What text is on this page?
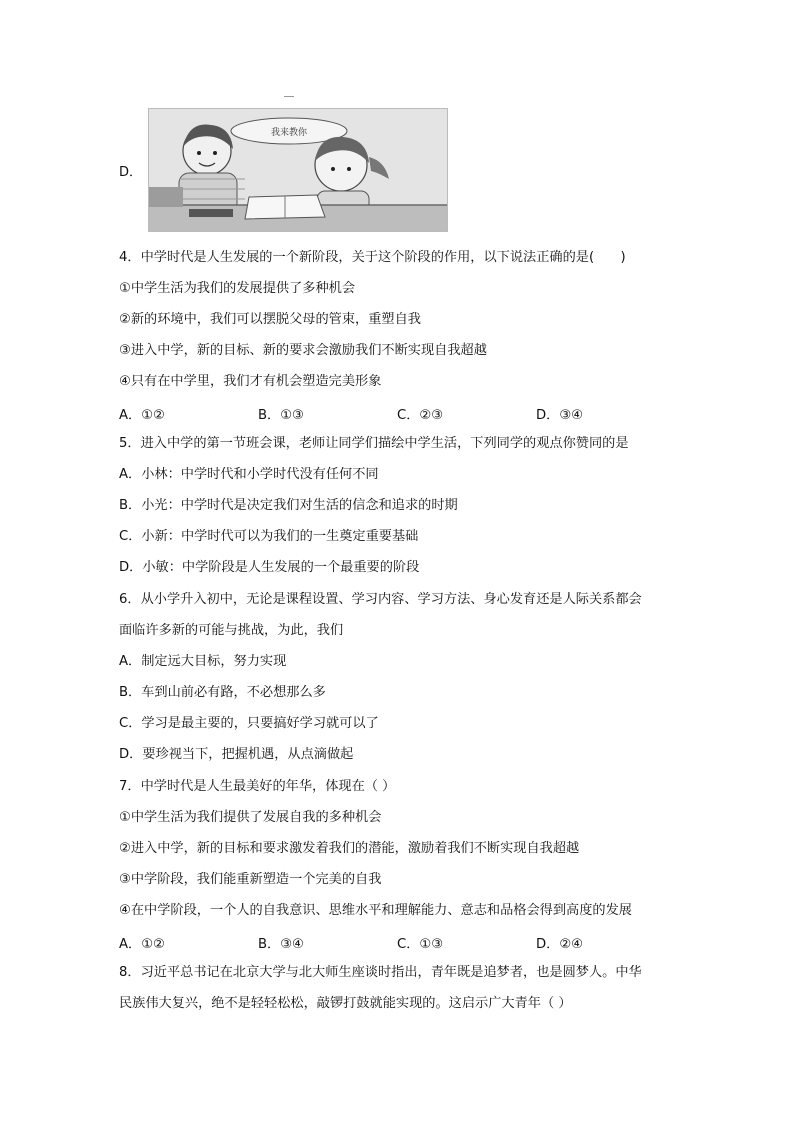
D．
我来教你
4．中学时代是人生发展的一个新阶段，关于这个阶段的作用，以下说法正确的是(　　)
①中学生活为我们的发展提供了多种机会
②新的环境中，我们可以摆脱父母的管束，重塑自我
③进入中学，新的目标、新的要求会激励我们不断实现自我超越
④只有在中学里，我们才有机会塑造完美形象
A．①②	B．①③	C．②③	D．③④
5．进入中学的第一节班会课，老师让同学们描绘中学生活，下列同学的观点你赞同的是
A．小林：中学时代和小学时代没有任何不同
B．小光：中学时代是决定我们对生活的信念和追求的时期
C．小新：中学时代可以为我们的一生奠定重要基础
D．小敏：中学阶段是人生发展的一个最重要的阶段
6．从小学升入初中，无论是课程设置、学习内容、学习方法、身心发育还是人际关系都会
面临许多新的可能与挑战，为此，我们
A．制定远大目标，努力实现
B．车到山前必有路，不必想那么多
C．学习是最主要的，只要搞好学习就可以了
D．要珍视当下，把握机遇，从点滴做起
7．中学时代是人生最美好的年华，体现在（ ）
①中学生活为我们提供了发展自我的多种机会
②进入中学，新的目标和要求激发着我们的潜能，激励着我们不断实现自我超越
③中学阶段，我们能重新塑造一个完美的自我
④在中学阶段，一个人的自我意识、思维水平和理解能力、意志和品格会得到高度的发展
A．①②	B．③④	C．①③	D．②④
8．习近平总书记在北京大学与北大师生座谈时指出，青年既是追梦者，也是圆梦人。中华
民族伟大复兴，绝不是轻轻松松，敲锣打鼓就能实现的。这启示广大青年（ ）
